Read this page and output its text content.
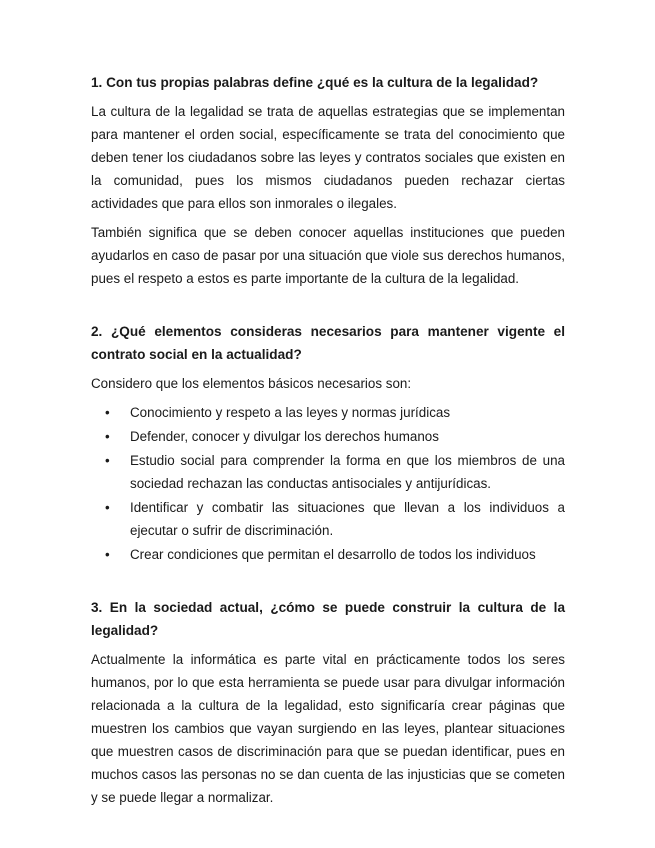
1. Con tus propias palabras define ¿qué es la cultura de la legalidad?

La cultura de la legalidad se trata de aquellas estrategias que se implementan para mantener el orden social, específicamente se trata del conocimiento que deben tener los ciudadanos sobre las leyes y contratos sociales que existen en la comunidad, pues los mismos ciudadanos pueden rechazar ciertas actividades que para ellos son inmorales o ilegales.

También significa que se deben conocer aquellas instituciones que pueden ayudarlos en caso de pasar por una situación que viole sus derechos humanos, pues el respeto a estos es parte importante de la cultura de la legalidad.

2. ¿Qué elementos consideras necesarios para mantener vigente el contrato social en la actualidad?

Considero que los elementos básicos necesarios son:

• Conocimiento y respeto a las leyes y normas jurídicas
• Defender, conocer y divulgar los derechos humanos
• Estudio social para comprender la forma en que los miembros de una sociedad rechazan las conductas antisociales y antijurídicas.
• Identificar y combatir las situaciones que llevan a los individuos a ejecutar o sufrir de discriminación.
• Crear condiciones que permitan el desarrollo de todos los individuos
3. En la sociedad actual, ¿cómo se puede construir la cultura de la legalidad?

Actualmente la informática es parte vital en prácticamente todos los seres humanos, por lo que esta herramienta se puede usar para divulgar información relacionada a la cultura de la legalidad, esto significaría crear páginas que muestren los cambios que vayan surgiendo en las leyes, plantear situaciones que muestren casos de discriminación para que se puedan identificar, pues en muchos casos las personas no se dan cuenta de las injusticias que se cometen y se puede llegar a normalizar.
